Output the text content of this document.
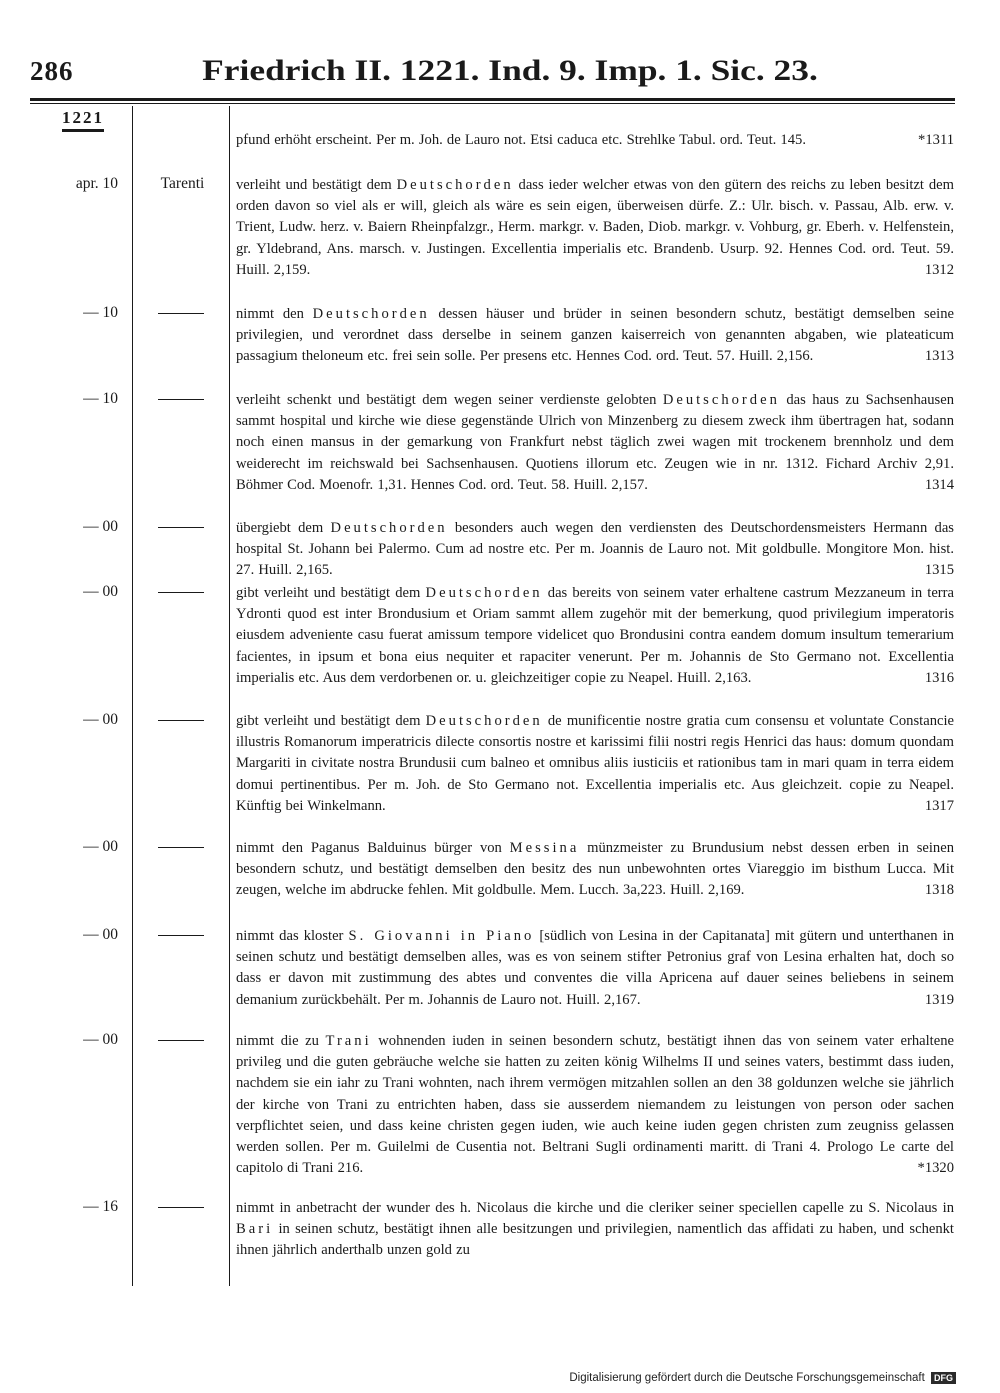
286	Friedrich II. 1221. Ind. 9. Imp. 1. Sic. 23.
1221
pfund erhöht erscheint. Per m. Joh. de Lauro not. Etsi caduca etc. Strehlke Tabul. ord. Teut. 145.	*1311
apr. 10	Tarenti	verleiht und bestätigt dem Deutschorden dass ieder welcher etwas von den gütern des reichs zu leben besitzt dem orden davon so viel als er will, gleich als wäre es sein eigen, überweisen dürfe. Z.: Ulr. bisch. v. Passau, Alb. erw. v. Trient, Ludw. herz. v. Baiern Rheinpfalzgr., Herm. markgr. v. Baden, Diob. markgr. v. Vohburg, gr. Eberh. v. Helfenstein, gr. Yldebrand, Ans. marsch. v. Justingen. Excellentia imperialis etc. Brandenb. Usurp. 92. Hennes Cod. ord. Teut. 59. Huill. 2,159.	1312
— 10	nimmt den Deutschorden dessen häuser und brüder in seinen besondern schutz, bestätigt demselben seine privilegien, und verordnet dass derselbe in seinem ganzen kaiserreich von genannten abgaben, wie plateaticum passagium theloneum etc. frei sein solle. Per presens etc. Hennes Cod. ord. Teut. 57. Huill. 2,156.	1313
— 10	verleiht schenkt und bestätigt dem wegen seiner verdienste gelobten Deutschorden das haus zu Sachsenhausen sammt hospital und kirche wie diese gegenstände Ulrich von Minzenberg zu diesem zweck ihm übertragen hat, sodann noch einen mansus in der gemarkung von Frankfurt nebst täglich zwei wagen mit trockenem brennholz und dem weiderecht im reichswald bei Sachsenhausen. Quotiens illorum etc. Zeugen wie in nr. 1312. Fichard Archiv 2,91. Böhmer Cod. Moenofr. 1,31. Hennes Cod. ord. Teut. 58. Huill. 2,157.	1314
— 00	übergiebt dem Deutschorden besonders auch wegen den verdiensten des Deutschordensmeisters Hermann das hospital St. Johann bei Palermo. Cum ad nostre etc. Per m. Joannis de Lauro not. Mit goldbulle. Mongitore Mon. hist. 27. Huill. 2,165.	1315
— 00	gibt verleiht und bestätigt dem Deutschorden das bereits von seinem vater erhaltene castrum Mezzaneum in terra Ydronti quod est inter Brondusium et Oriam sammt allem zugehör mit der bemerkung, quod privilegium imperatoris eiusdem adveniente casu fuerat amissum tempore videlicet quo Brondusini contra eandem domum insultum temerarium facientes, in ipsum et bona eius nequiter et rapaciter venerunt. Per m. Johannis de Sto Germano not. Excellentia imperialis etc. Aus dem verdorbenen or. u. gleichzeitiger copie zu Neapel. Huill. 2,163.	1316
— 00	gibt verleiht und bestätigt dem Deutschorden de munificentie nostre gratia cum consensu et voluntate Constancie illustris Romanorum imperatricis dilecte consortis nostre et karissimi filii nostri regis Henrici das haus: domum quondam Margariti in civitate nostra Brundusii cum balneo et omnibus aliis iusticiis et rationibus tam in mari quam in terra eidem domui pertinentibus. Per m. Joh. de Sto Germano not. Excellentia imperialis etc. Aus gleichzeit. copie zu Neapel. Künftig bei Winkelmann.	1317
— 00	nimmt den Paganus Balduinus bürger von Messina münzmeister zu Brundusium nebst dessen erben in seinen besondern schutz, und bestätigt demselben den besitz des nun unbewohnten ortes Viareggio im bisthum Lucca. Mit zeugen, welche im abdrucke fehlen. Mit goldbulle. Mem. Lucch. 3a,223. Huill. 2,169.	1318
— 00	nimmt das kloster S. Giovanni in Piano [südlich von Lesina in der Capitanata] mit gütern und unterthanen in seinen schutz und bestätigt demselben alles, was es von seinem stifter Petronius graf von Lesina erhalten hat, doch so dass er davon mit zustimmung des abtes und conventes die villa Apricena auf dauer seines beliebens in seinem demanium zurückbehält. Per m. Johannis de Lauro not. Huill. 2,167.	1319
— 00	nimmt die zu Trani wohnenden iuden in seinen besondern schutz, bestätigt ihnen das von seinem vater erhaltene privileg und die guten gebräuche welche sie hatten zu zeiten könig Wilhelms II und seines vaters, bestimmt dass iuden, nachdem sie ein iahr zu Trani wohnten, nach ihrem vermögen mitzahlen sollen an den 38 goldunzen welche sie jährlich der kirche von Trani zu entrichten haben, dass sie ausserdem niemandem zu leistungen von person oder sachen verpflichtet seien, und dass keine christen gegen iuden, wie auch keine iuden gegen christen zum zeugniss gelassen werden sollen. Per m. Guilelmi de Cusentia not. Beltrani Sugli ordinamenti maritt. di Trani 4. Prologo Le carte del capitolo di Trani 216.	*1320
— 16	nimmt in anbetracht der wunder des h. Nicolaus die kirche und die cleriker seiner speciellen capelle zu S. Nicolaus in Bari in seinen schutz, bestätigt ihnen alle besitzungen und privilegien, namentlich das affidati zu haben, und schenkt ihnen jährlich anderthalb unzen gold zu
Digitalisierung gefördert durch die Deutsche Forschungsgemeinschaft DFG
